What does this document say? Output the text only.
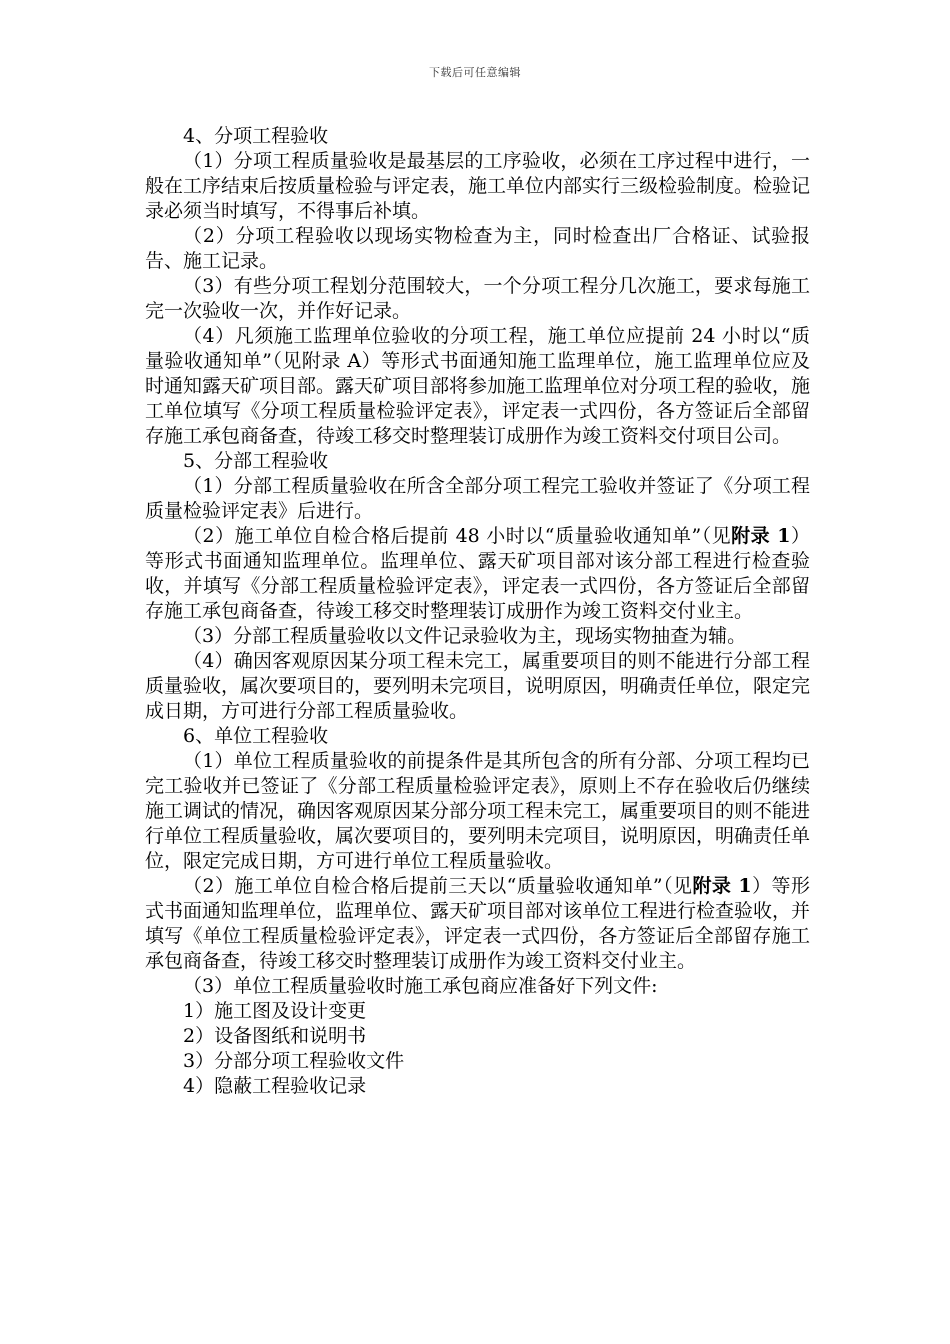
下载后可任意编辑

4、分项工程验收

（1）分项工程质量验收是最基层的工序验收，必须在工序过程中进行，一般在工序结束后按质量检验与评定表，施工单位内部实行三级检验制度。检验记录必须当时填写，不得事后补填。

（2）分项工程验收以现场实物检查为主，同时检查出厂合格证、试验报告、施工记录。

（3）有些分项工程划分范围较大，一个分项工程分几次施工，要求每施工完一次验收一次，并作好记录。

（4）凡须施工监理单位验收的分项工程，施工单位应提前 24 小时以“质量验收通知单”（见附录 A）等形式书面通知施工监理单位，施工监理单位应及时通知露天矿项目部。露天矿项目部将参加施工监理单位对分项工程的验收，施工单位填写《分项工程质量检验评定表》，评定表一式四份，各方签证后全部留存施工承包商备查，待竣工移交时整理装订成册作为竣工资料交付项目公司。

5、分部工程验收

（1）分部工程质量验收在所含全部分项工程完工验收并签证了《分项工程质量检验评定表》后进行。

（2）施工单位自检合格后提前 48 小时以“质量验收通知单”（见附录 1）等形式书面通知监理单位。监理单位、露天矿项目部对该分部工程进行检查验收，并填写《分部工程质量检验评定表》，评定表一式四份，各方签证后全部留存施工承包商备查，待竣工移交时整理装订成册作为竣工资料交付业主。

（3）分部工程质量验收以文件记录验收为主，现场实物抽查为辅。

（4）确因客观原因某分项工程未完工，属重要项目的则不能进行分部工程质量验收，属次要项目的，要列明未完项目，说明原因，明确责任单位，限定完成日期，方可进行分部工程质量验收。

6、单位工程验收

（1）单位工程质量验收的前提条件是其所包含的所有分部、分项工程均已完工验收并已签证了《分部工程质量检验评定表》，原则上不存在验收后仍继续施工调试的情况，确因客观原因某分部分项工程未完工，属重要项目的则不能进行单位工程质量验收，属次要项目的，要列明未完项目，说明原因，明确责任单位，限定完成日期，方可进行单位工程质量验收。

（2）施工单位自检合格后提前三天以“质量验收通知单”（见附录 1）等形式书面通知监理单位，监理单位、露天矿项目部对该单位工程进行检查验收，并填写《单位工程质量检验评定表》，评定表一式四份，各方签证后全部留存施工承包商备查，待竣工移交时整理装订成册作为竣工资料交付业主。

（3）单位工程质量验收时施工承包商应准备好下列文件:

1）施工图及设计变更

2）设备图纸和说明书

3）分部分项工程验收文件

4）隐蔽工程验收记录
